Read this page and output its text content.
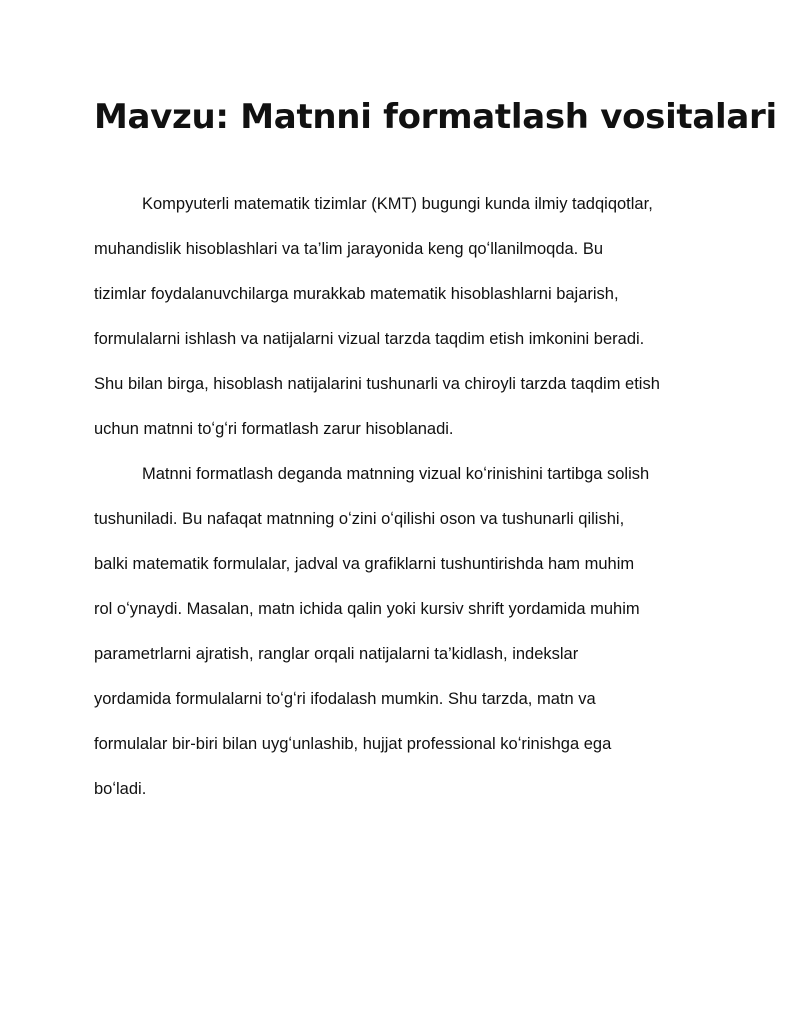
Mavzu: Matnni formatlash vositalari

Kompyuterli matematik tizimlar (KMT) bugungi kunda ilmiy tadqiqotlar,
muhandislik hisoblashlari va ta’lim jarayonida keng qoʻllanilmoqda. Bu
tizimlar foydalanuvchilarga murakkab matematik hisoblashlarni bajarish,
formulalarni ishlash va natijalarni vizual tarzda taqdim etish imkonini beradi.
Shu bilan birga, hisoblash natijalarini tushunarli va chiroyli tarzda taqdim etish
uchun matnni toʻgʻri formatlash zarur hisoblanadi.

Matnni formatlash deganda matnning vizual koʻrinishini tartibga solish
tushuniladi. Bu nafaqat matnning oʻzini oʻqilishi oson va tushunarli qilishi,
balki matematik formulalar, jadval va grafiklarni tushuntirishda ham muhim
rol oʻynaydi. Masalan, matn ichida qalin yoki kursiv shrift yordamida muhim
parametrlarni ajratish, ranglar orqali natijalarni ta’kidlash, indekslar
yordamida formulalarni toʻgʻri ifodalash mumkin. Shu tarzda, matn va
formulalar bir-biri bilan uygʻunlashib, hujjat professional koʻrinishga ega
boʻladi.
